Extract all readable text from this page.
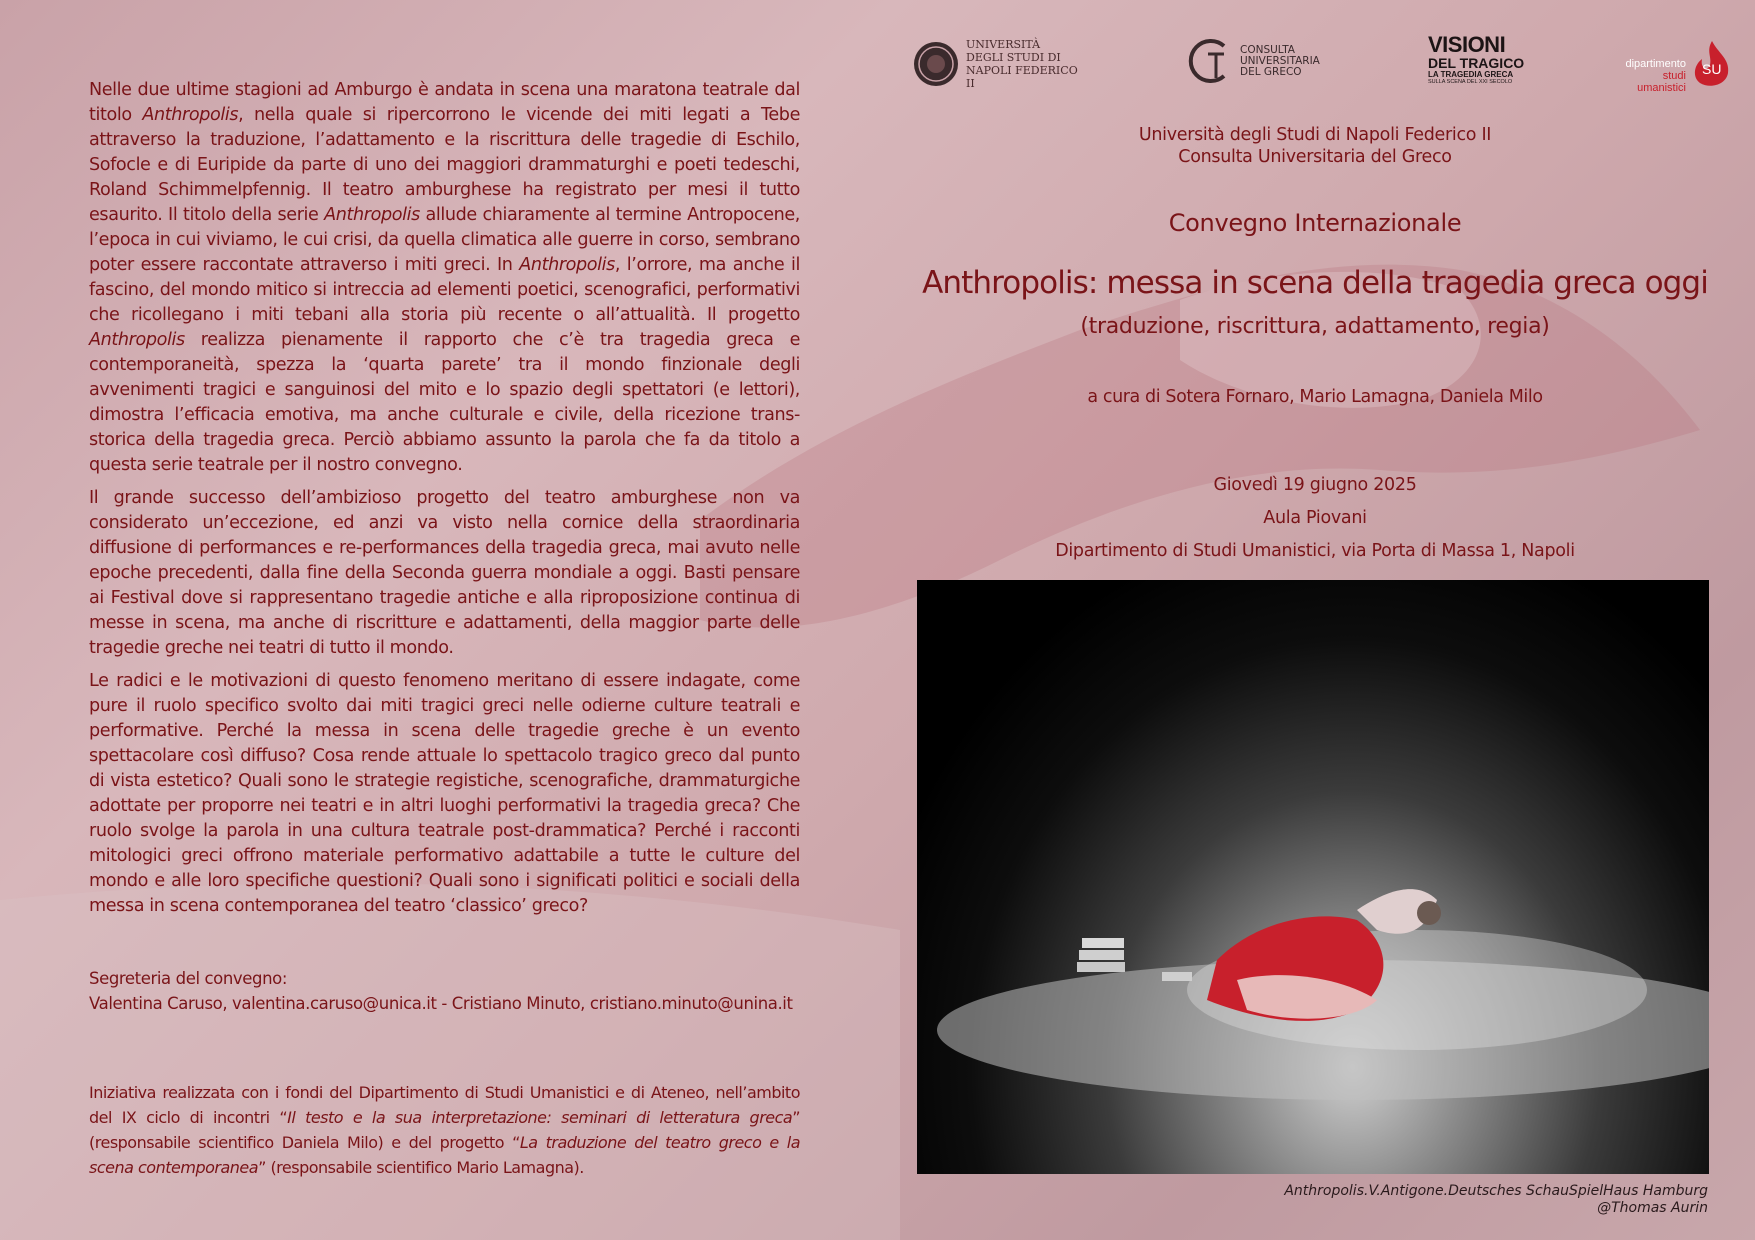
UNIVERSITÀ DEGLI STUDI DI NAPOLI FEDERICO II
CONSULTA
UNIVERSITARIA
DEL GRECO
VISIONI
DEL TRAGICO
LA TRAGEDIA GRECA
SULLA SCENA DEL XXI SECOLO
dipartimento
studi umanistici
SU
Università degli Studi di Napoli Federico II
Consulta Universitaria del Greco
Convegno Internazionale
Anthropolis: messa in scena della tragedia greca oggi
(traduzione, riscrittura, adattamento, regia)
a cura di Sotera Fornaro, Mario Lamagna, Daniela Milo
Giovedì 19 giugno 2025
Aula Piovani
Dipartimento di Studi Umanistici, via Porta di Massa 1, Napoli
Anthropolis.V.Antigone.Deutsches SchauSpielHaus Hamburg
@Thomas Aurin

Nelle due ultime stagioni ad Amburgo è andata in scena una maratona teatrale dal titolo Anthropolis, nella quale si ripercorrono le vicende dei miti legati a Tebe attraverso la traduzione, l’adattamento e la riscrittura delle tragedie di Eschilo, Sofocle e di Euripide da parte di uno dei maggiori drammaturghi e poeti tedeschi, Roland Schimmelpfennig. Il teatro amburghese ha registrato per mesi il tutto esaurito. Il titolo della serie Anthropolis allude chiaramente al termine Antropocene, l’epoca in cui viviamo, le cui crisi, da quella climatica alle guerre in corso, sembrano poter essere raccontate attraverso i miti greci. In Anthropolis, l’orrore, ma anche il fascino, del mondo mitico si intreccia ad elementi poetici, scenografici, performativi che ricollegano i miti tebani alla storia più recente o all’attualità. Il progetto Anthropolis realizza pienamente il rapporto che c’è tra tragedia greca e contemporaneità, spezza la ‘quarta parete’ tra il mondo finzionale degli avvenimenti tragici e sanguinosi del mito e lo spazio degli spettatori (e lettori), dimostra l’efficacia emotiva, ma anche culturale e civile, della ricezione trans-storica della tragedia greca. Perciò abbiamo assunto la parola che fa da titolo a questa serie teatrale per il nostro convegno.

Il grande successo dell’ambizioso progetto del teatro amburghese non va considerato un’eccezione, ed anzi va visto nella cornice della straordinaria diffusione di performances e re-performances della tragedia greca, mai avuto nelle epoche precedenti, dalla fine della Seconda guerra mondiale a oggi. Basti pensare ai Festival dove si rappresentano tragedie antiche e alla riproposizione continua di messe in scena, ma anche di riscritture e adattamenti, della maggior parte delle tragedie greche nei teatri di tutto il mondo.

Le radici e le motivazioni di questo fenomeno meritano di essere indagate, come pure il ruolo specifico svolto dai miti tragici greci nelle odierne culture teatrali e performative. Perché la messa in scena delle tragedie greche è un evento spettacolare così diffuso? Cosa rende attuale lo spettacolo tragico greco dal punto di vista estetico? Quali sono le strategie registiche, scenografiche, drammaturgiche adottate per proporre nei teatri e in altri luoghi performativi la tragedia greca? Che ruolo svolge la parola in una cultura teatrale post-drammatica? Perché i racconti mitologici greci offrono materiale performativo adattabile a tutte le culture del mondo e alle loro specifiche questioni? Quali sono i significati politici e sociali della messa in scena contemporanea del teatro ‘classico’ greco?

Segreteria del convegno:
Valentina Caruso, valentina.caruso@unica.it - Cristiano Minuto, cristiano.minuto@unina.it
Iniziativa realizzata con i fondi del Dipartimento di Studi Umanistici e di Ateneo, nell’ambito del IX ciclo di incontri “Il testo e la sua interpretazione: seminari di letteratura greca” (responsabile scientifico Daniela Milo) e del progetto “La traduzione del teatro greco e la scena contemporanea” (responsabile scientifico Mario Lamagna).
